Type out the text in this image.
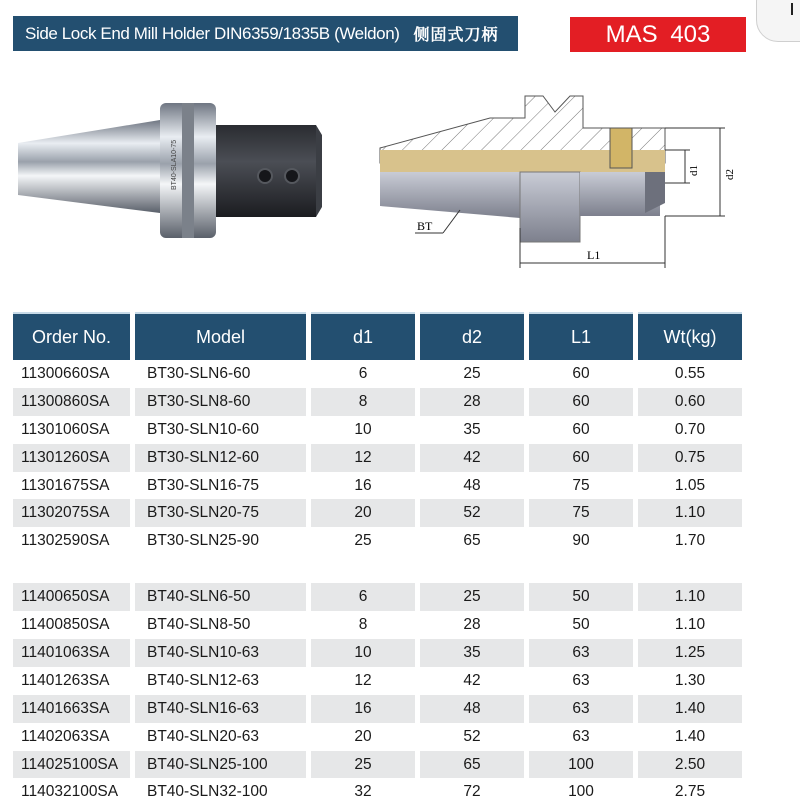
Side Lock End Mill Holder DIN6359/1835B (Weldon) 侧固式刀柄	MAS 403
BT40-SLA10-75
BT
L1
d1 d2
Order No.	Model	d1	d2	L1	Wt(kg)
11300660SA	BT30-SLN6-60	6	25	60	0.55
11300860SA	BT30-SLN8-60	8	28	60	0.60
11301060SA	BT30-SLN10-60	10	35	60	0.70
11301260SA	BT30-SLN12-60	12	42	60	0.75
11301675SA	BT30-SLN16-75	16	48	75	1.05
11302075SA	BT30-SLN20-75	20	52	75	1.10
11302590SA	BT30-SLN25-90	25	65	90	1.70

11400650SA	BT40-SLN6-50	6	25	50	1.10
11400850SA	BT40-SLN8-50	8	28	50	1.10
11401063SA	BT40-SLN10-63	10	35	63	1.25
11401263SA	BT40-SLN12-63	12	42	63	1.30
11401663SA	BT40-SLN16-63	16	48	63	1.40
11402063SA	BT40-SLN20-63	20	52	63	1.40
114025100SA	BT40-SLN25-100	25	65	100	2.50
114032100SA	BT40-SLN32-100	32	72	100	2.75
